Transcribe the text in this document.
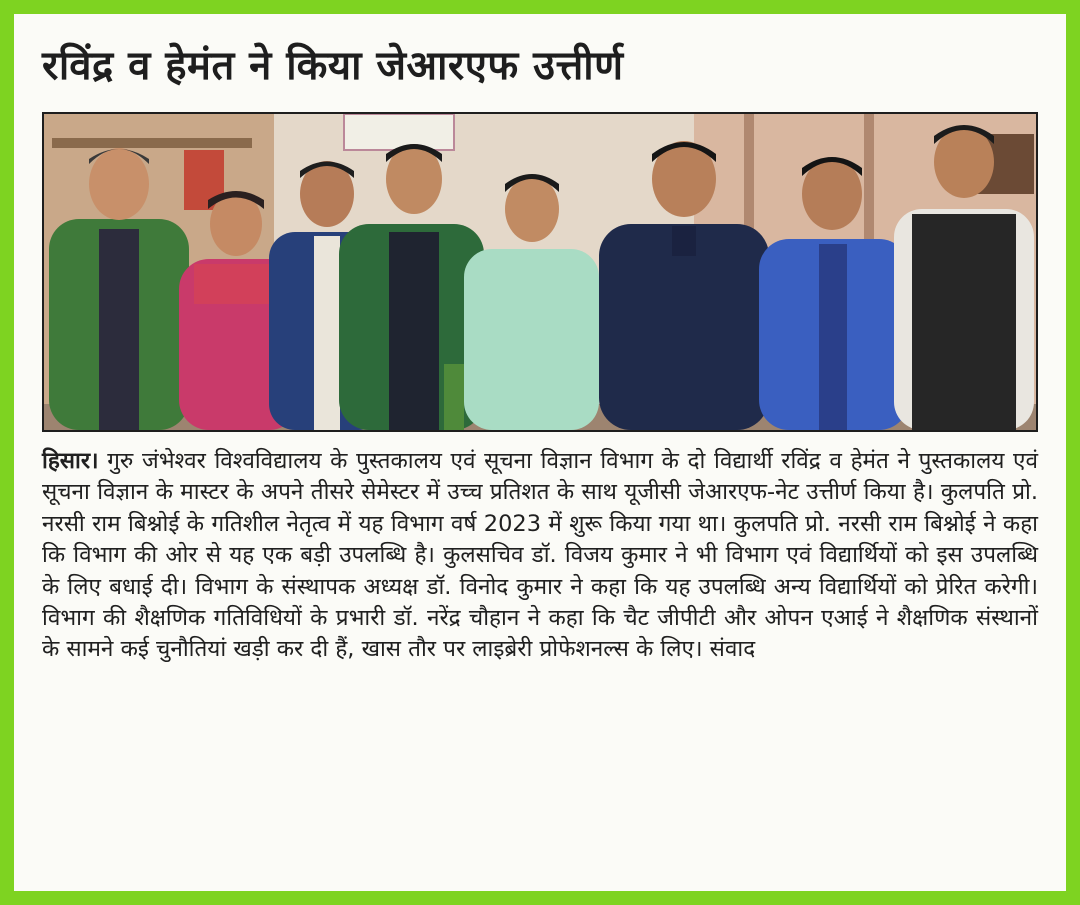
रविंद्र व हेमंत ने किया जेआरएफ उत्तीर्ण

हिसार। गुरु जंभेश्वर विश्वविद्यालय के पुस्तकालय एवं सूचना विज्ञान विभाग के दो विद्यार्थी रविंद्र व हेमंत ने पुस्तकालय एवं सूचना विज्ञान के मास्टर के अपने तीसरे सेमेस्टर में उच्च प्रतिशत के साथ यूजीसी जेआरएफ-नेट उत्तीर्ण किया है। कुलपति प्रो. नरसी राम बिश्नोई के गतिशील नेतृत्व में यह विभाग वर्ष 2023 में शुरू किया गया था। कुलपति प्रो. नरसी राम बिश्नोई ने कहा कि विभाग की ओर से यह एक बड़ी उपलब्धि है। कुलसचिव डॉ. विजय कुमार ने भी विभाग एवं विद्यार्थियों को इस उपलब्धि के लिए बधाई दी। विभाग के संस्थापक अध्यक्ष डॉ. विनोद कुमार ने कहा कि यह उपलब्धि अन्य विद्यार्थियों को प्रेरित करेगी। विभाग की शैक्षणिक गतिविधियों के प्रभारी डॉ. नरेंद्र चौहान ने कहा कि चैट जीपीटी और ओपन एआई ने शैक्षणिक संस्थानों के सामने कई चुनौतियां खड़ी कर दी हैं, खास तौर पर लाइब्रेरी प्रोफेशनल्स के लिए। संवाद
